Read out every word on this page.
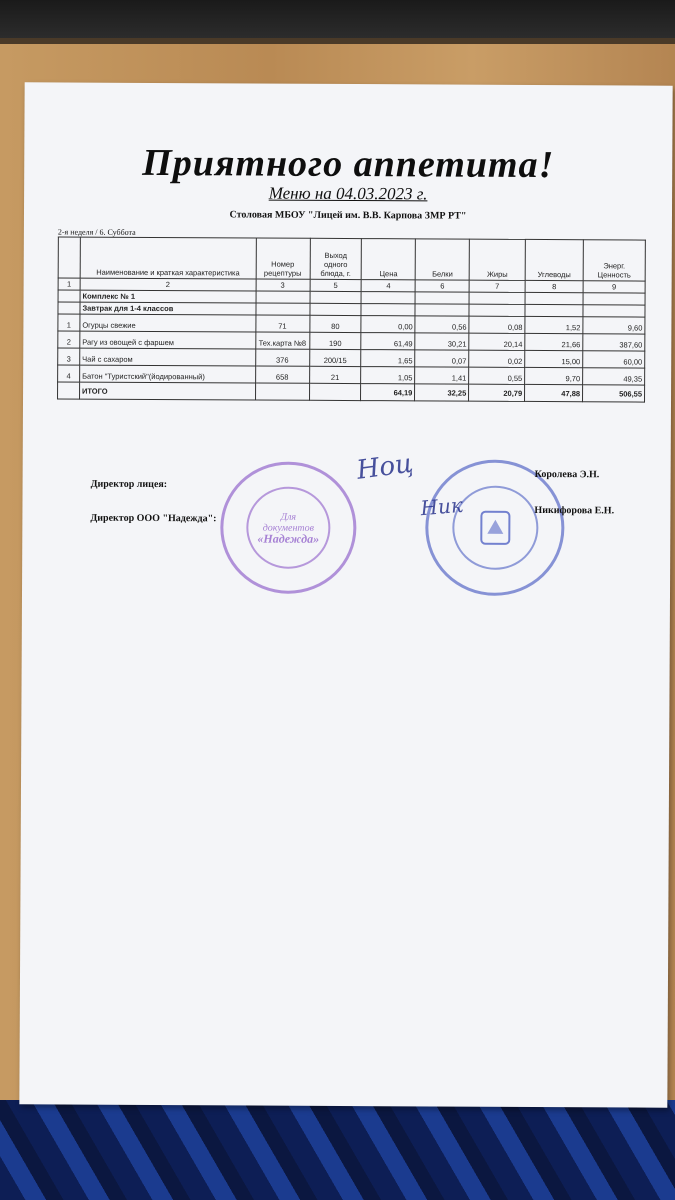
Приятного аппетита!
Меню на 04.03.2023 г.
Столовая МБОУ "Лицей им. В.В. Карпова ЗМР РТ"
2-я неделя / 6. Суббота
	Наименование и краткая характеристика	Номер рецептуры	Выход одного блюда, г.	Цена	Белки	Жиры	Углеводы	Энерг. Ценность
1	2	3	5	4	6	7	8	9
	Комплекс № 1							
	Завтрак для 1-4 классов							
1	Огурцы свежие	71	80	0,00	0,56	0,08	1,52	9,60
2	Рагу из овощей с фаршем	Тех.карта №8	190	61,49	30,21	20,14	21,66	387,60
3	Чай с сахаром	376	200/15	1,65	0,07	0,02	15,00	60,00
4	Батон "Туристский"(йодированный)	658	21	1,05	1,41	0,55	9,70	49,35
	ИТОГО			64,19	32,25	20,79	47,88	506,55
Для
документов
«Надежда»
Ноц
Ник
Директор лицея:
Королева Э.Н.
Директор ООО "Надежда":
Никифорова Е.Н.
